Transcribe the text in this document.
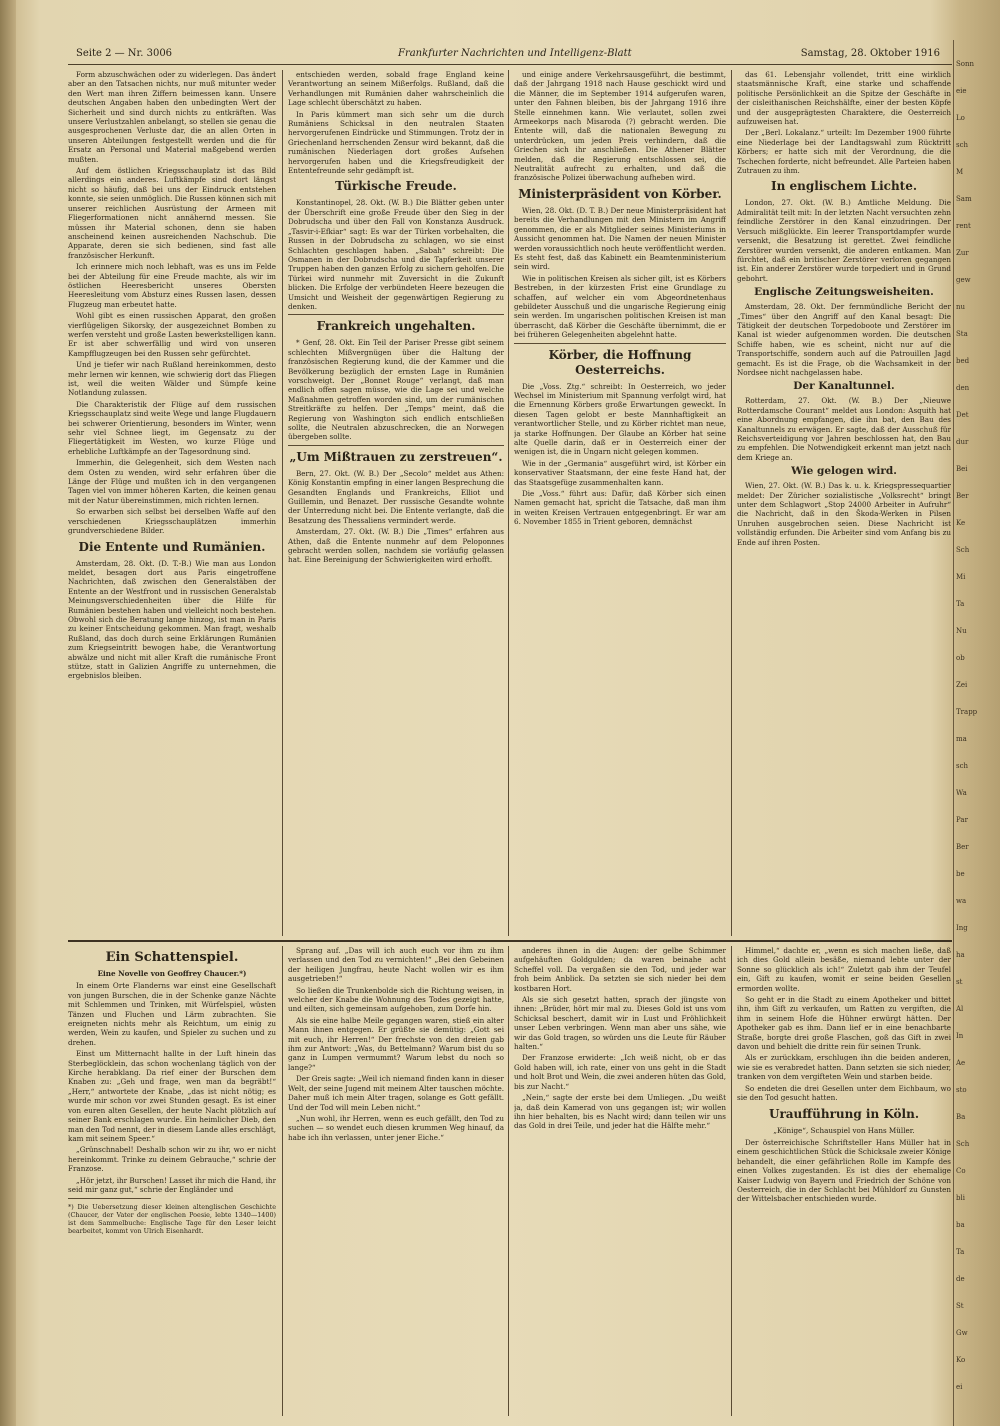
Seite 2 — Nr. 3006	Frankfurter Nachrichten und Intelligenz-Blatt	Samstag, 28. Oktober 1916

Form abzuschwächen oder zu widerlegen. Das ändert aber an den Tatsachen nichts, nur muß mitunter weder den Wert man ihren Ziffern beimessen kann. Unsere deutschen Angaben haben den unbedingten Wert der Sicherheit und sind durch nichts zu entkräften. Was unsere Verlustzahlen anbelangt, so stellen sie genau die ausgesprochenen Verluste dar, die an allen Orten in unseren Abteilungen festgestellt werden und die für Ersatz an Personal und Material maßgebend werden mußten.

Auf dem östlichen Kriegsschauplatz ist das Bild allerdings ein anderes. Luftkämpfe sind dort längst nicht so häufig, daß bei uns der Eindruck entstehen konnte, sie seien unmöglich. Die Russen können sich mit unserer reichlichen Ausrüstung der Armeen mit Fliegerformationen nicht annähernd messen. Sie müssen ihr Material schonen, denn sie haben anscheinend keinen ausreichenden Nachschub. Die Apparate, deren sie sich bedienen, sind fast alle französischer Herkunft.

Ich erinnere mich noch lebhaft, was es uns im Felde bei der Abteilung für eine Freude machte, als wir im östlichen Heeresbericht unseres Obersten Heeresleitung vom Absturz eines Russen lasen, dessen Flugzeug man erbeutet hatte.

Wohl gibt es einen russischen Apparat, den großen vierflügeligen Sikorsky, der ausgezeichnet Bomben zu werfen versteht und große Lasten bewerkstelligen kann. Er ist aber schwerfällig und wird von unseren Kampfflugzeugen bei den Russen sehr gefürchtet.

Und je tiefer wir nach Rußland hereinkommen, desto mehr lernen wir kennen, wie schwierig dort das Fliegen ist, weil die weiten Wälder und Sümpfe keine Notlandung zulassen.

Die Charakteristik der Flüge auf dem russischen Kriegsschauplatz sind weite Wege und lange Flugdauern bei schwerer Orientierung, besonders im Winter, wenn sehr viel Schnee liegt, im Gegensatz zu der Fliegertätigkeit im Westen, wo kurze Flüge und erhebliche Luftkämpfe an der Tagesordnung sind.

Immerhin, die Gelegenheit, sich dem Westen nach dem Osten zu wenden, wird sehr erfahren über die Länge der Flüge und mußten ich in den vergangenen Tagen viel von immer höheren Karten, die keinen genau mit der Natur übereinstimmen, mich richten lernen.

So erwarben sich selbst bei derselben Waffe auf den verschiedenen Kriegsschauplätzen immerhin grundverschiedene Bilder.

Die Entente und Rumänien.

Amsterdam, 28. Okt. (D. T.-B.) Wie man aus London meldet, besagen dort aus Paris eingetroffene Nachrichten, daß zwischen den Generalstäben der Entente an der Westfront und in russischen Generalstab Meinungsverschiedenheiten über die Hilfe für Rumänien bestehen haben und vielleicht noch bestehen. Obwohl sich die Beratung lange hinzog, ist man in Paris zu keiner Entscheidung gekommen. Man fragt, weshalb Rußland, das doch durch seine Erklärungen Rumänien zum Kriegseintritt bewogen habe, die Verantwortung abwälze und nicht mit aller Kraft die rumänische Front stütze, statt in Galizien Angriffe zu unternehmen, die ergebnislos bleiben.

entschieden werden, sobald frage England keine Verantwortung an seinem Mißerfolgs. Rußland, daß die Verhandlungen mit Rumänien daher wahrscheinlich die Lage schlecht überschätzt zu haben.

In Paris kümmert man sich sehr um die durch Rumäniens Schicksal in den neutralen Staaten hervorgerufenen Eindrücke und Stimmungen. Trotz der in Griechenland herrschenden Zensur wird bekannt, daß die rumänischen Niederlagen dort großes Aufsehen hervorgerufen haben und die Kriegsfreudigkeit der Ententefreunde sehr gedämpft ist.

Türkische Freude.

Konstantinopel, 28. Okt. (W. B.) Die Blätter geben unter der Überschrift eine große Freude über den Sieg in der Dobrudscha und über den Fall von Konstanza Ausdruck. „Tasvir-i-Efkiar“ sagt: Es war der Türken vorbehalten, die Russen in der Dobrudscha zu schlagen, wo sie einst Schlachten geschlagen haben. „Sabah“ schreibt: Die Osmanen in der Dobrudscha und die Tapferkeit unserer Truppen haben den ganzen Erfolg zu sichern geholfen. Die Türkei wird nunmehr mit Zuversicht in die Zukunft blicken. Die Erfolge der verbündeten Heere bezeugen die Umsicht und Weisheit der gegenwärtigen Regierung zu denken.

Frankreich ungehalten.

* Genf, 28. Okt. Ein Teil der Pariser Presse gibt seinem schlechten Mißvergnügen über die Haltung der französischen Regierung kund, die der Kammer und die Bevölkerung bezüglich der ernsten Lage in Rumänien vorschweigt. Der „Bonnet Rouge“ verlangt, daß man endlich offen sagen müsse, wie die Lage sei und welche Maßnahmen getroffen worden sind, um der rumänischen Streitkräfte zu helfen. Der „Temps“ meint, daß die Regierung von Washington sich endlich entschließen sollte, die Neutralen abzuschrecken, die an Norwegen übergeben sollte.

„Um Mißtrauen zu zerstreuen“.

Bern, 27. Okt. (W. B.) Der „Secolo“ meldet aus Athen: König Konstantin empfing in einer langen Besprechung die Gesandten Englands und Frankreichs, Elliot und Guillemin, und Benazet. Der russische Gesandte wohnte der Unterredung nicht bei. Die Entente verlangte, daß die Besatzung des Thessaliens vermindert werde.

Amsterdam, 27. Okt. (W. B.) Die „Times“ erfahren aus Athen, daß die Entente nunmehr auf dem Peloponnes gebracht werden sollen, nachdem sie vorläufig gelassen hat. Eine Bereinigung der Schwierigkeiten wird erhofft.

und einige andere Verkehrsausgeführt, die bestimmt, daß der Jahrgang 1918 nach Hause geschickt wird und die Männer, die im September 1914 aufgerufen waren, unter den Fahnen bleiben, bis der Jahrgang 1916 ihre Stelle einnehmen kann. Wie verlautet, sollen zwei Armeekorps nach Misaroda (?) gebracht werden. Die Entente will, daß die nationalen Bewegung zu unterdrücken, um jeden Preis verhindern, daß die Griechen sich ihr anschließen. Die Athener Blätter melden, daß die Regierung entschlossen sei, die Neutralität aufrecht zu erhalten, und daß die französische Polizei überwachung aufheben wird.

Ministerpräsident von Körber.

Wien, 28. Okt. (D. T. B.) Der neue Ministerpräsident hat bereits die Verhandlungen mit den Ministern im Angriff genommen, die er als Mitglieder seines Ministeriums in Aussicht genommen hat. Die Namen der neuen Minister werden voraussichtlich noch heute veröffentlicht werden. Es steht fest, daß das Kabinett ein Beamtenministerium sein wird.

Wie in politischen Kreisen als sicher gilt, ist es Körbers Bestreben, in der kürzesten Frist eine Grundlage zu schaffen, auf welcher ein vom Abgeordnetenhaus gebildeter Ausschuß und die ungarische Regierung einig sein werden. Im ungarischen politischen Kreisen ist man überrascht, daß Körber die Geschäfte übernimmt, die er bei früheren Gelegenheiten abgelehnt hatte.

Körber, die Hoffnung Oesterreichs.

Die „Voss. Ztg.“ schreibt: In Oesterreich, wo jeder Wechsel im Ministerium mit Spannung verfolgt wird, hat die Ernennung Körbers große Erwartungen geweckt. In diesen Tagen gelobt er beste Mannhaftigkeit an verantwortlicher Stelle, und zu Körber richtet man neue, ja starke Hoffnungen. Der Glaube an Körber hat seine alte Quelle darin, daß er in Oesterreich einer der wenigen ist, die in Ungarn nicht gelegen kommen.

Wie in der „Germania“ ausgeführt wird, ist Körber ein konservativer Staatsmann, der eine feste Hand hat, der das Staatsgefüge zusammenhalten kann.

Die „Voss.“ führt aus: Dafür, daß Körber sich einen Namen gemacht hat, spricht die Tatsache, daß man ihm in weiten Kreisen Vertrauen entgegenbringt. Er war am 6. November 1855 in Trient geboren, demnächst

das 61. Lebensjahr vollendet, tritt eine wirklich staatsmännische Kraft, eine starke und schaffende politische Persönlichkeit an die Spitze der Geschäfte in der cisleithanischen Reichshälfte, einer der besten Köpfe und der ausgeprägtesten Charaktere, die Oesterreich aufzuweisen hat.

Der „Berl. Lokalanz.“ urteilt: Im Dezember 1900 führte eine Niederlage bei der Landtagswahl zum Rücktritt Körbers; er hatte sich mit der Verordnung, die die Tschechen forderte, nicht befreundet. Alle Parteien haben Zutrauen zu ihm.

In englischem Lichte.

London, 27. Okt. (W. B.) Amtliche Meldung. Die Admiralität teilt mit: In der letzten Nacht versuchten zehn feindliche Zerstörer in den Kanal einzudringen. Der Versuch mißglückte. Ein leerer Transportdampfer wurde versenkt, die Besatzung ist gerettet. Zwei feindliche Zerstörer wurden versenkt, die anderen entkamen. Man fürchtet, daß ein britischer Zerstörer verloren gegangen ist. Ein anderer Zerstörer wurde torpediert und in Grund gebohrt.

Englische Zeitungsweisheiten.

Amsterdam, 28. Okt. Der fernmündliche Bericht der „Times“ über den Angriff auf den Kanal besagt: Die Tätigkeit der deutschen Torpedoboote und Zerstörer im Kanal ist wieder aufgenommen worden. Die deutschen Schiffe haben, wie es scheint, nicht nur auf die Transportschiffe, sondern auch auf die Patrouillen Jagd gemacht. Es ist die Frage, ob die Wachsamkeit in der Nordsee nicht nachgelassen habe.

Der Kanaltunnel.

Rotterdam, 27. Okt. (W. B.) Der „Nieuwe Rotterdamsche Courant“ meldet aus London: Asquith hat eine Abordnung empfangen, die ihn bat, den Bau des Kanaltunnels zu erwägen. Er sagte, daß der Ausschuß für Reichsverteidigung vor Jahren beschlossen hat, den Bau zu empfehlen. Die Notwendigkeit erkennt man jetzt nach dem Kriege an.

Wie gelogen wird.

Wien, 27. Okt. (W. B.) Das k. u. k. Kriegspressequartier meldet: Der Züricher sozialistische „Volksrecht“ bringt unter dem Schlagwort „Stop 24000 Arbeiter in Aufruhr“ die Nachricht, daß in den Škoda-Werken in Pilsen Unruhen ausgebrochen seien. Diese Nachricht ist vollständig erfunden. Die Arbeiter sind vom Anfang bis zu Ende auf ihren Posten.

Ein Schattenspiel.
Eine Novelle von Geoffrey Chaucer.*)

In einem Orte Flanderns war einst eine Gesellschaft von jungen Burschen, die in der Schenke ganze Nächte mit Schlemmen und Trinken, mit Würfelspiel, wüsten Tänzen und Fluchen und Lärm zubrachten. Sie ereigneten nichts mehr als Reichtum, um einig zu werden, Wein zu kaufen, und Spieler zu suchen und zu drehen.

Einst um Mitternacht hallte in der Luft hinein das Sterbeglöcklein, das schon wochenlang täglich von der Kirche herabklang. Da rief einer der Burschen dem Knaben zu: „Geh und frage, wen man da begräbt!“ „Herr,“ antwortete der Knabe, „das ist nicht nötig; es wurde mir schon vor zwei Stunden gesagt. Es ist einer von euren alten Gesellen, der heute Nacht plötzlich auf seiner Bank erschlagen wurde. Ein heimlicher Dieb, den man den Tod nennt, der in diesem Lande alles erschlägt, kam mit seinem Speer.“

„Grünschnabel! Deshalb schon wir zu ihr, wo er nicht hereinkommt. Trinke zu deinem Gebrauche,“ schrie der Franzose.

„Hör jetzt, ihr Burschen! Lasset ihr mich die Hand, ihr seid mir ganz gut,“ schrie der Engländer und

*) Die Uebersetzung dieser kleinen altenglischen Geschichte (Chaucer, der Vater der englischen Poesie, lebte 1340—1400) ist dem Sammelbuche: Englische Tage für den Leser leicht bearbeitet, kommt von Ulrich Eisenhardt.

Sprang auf. „Das will ich auch euch vor ihm zu ihm verlassen und den Tod zu vernichten!“ „Bei den Gebeinen der heiligen Jungfrau, heute Nacht wollen wir es ihm ausgetrieben!“

So ließen die Trunkenbolde sich die Richtung weisen, in welcher der Knabe die Wohnung des Todes gezeigt hatte, und eilten, sich gemeinsam aufgehoben, zum Dorfe hin.

Als sie eine halbe Meile gegangen waren, stieß ein alter Mann ihnen entgegen. Er grüßte sie demütig: „Gott sei mit euch, ihr Herren!“ Der frechste von den dreien gab ihm zur Antwort: „Was, du Bettelmann? Warum bist du so ganz in Lumpen vermummt? Warum lebst du noch so lange?“

Der Greis sagte: „Weil ich niemand finden kann in dieser Welt, der seine Jugend mit meinem Alter tauschen möchte. Daher muß ich mein Alter tragen, solange es Gott gefällt. Und der Tod will mein Leben nicht.“

„Nun wohl, ihr Herren, wenn es euch gefällt, den Tod zu suchen — so wendet euch diesen krummen Weg hinauf, da habe ich ihn verlassen, unter jener Eiche.“

anderes ihnen in die Augen: der gelbe Schimmer aufgehäuften Goldgulden; da waren beinahe acht Scheffel voll. Da vergaßen sie den Tod, und jeder war froh beim Anblick. Da setzten sie sich nieder bei dem kostbaren Hort.

Als sie sich gesetzt hatten, sprach der jüngste von ihnen: „Brüder, hört mir mal zu. Dieses Gold ist uns vom Schicksal beschert, damit wir in Lust und Fröhlichkeit unser Leben verbringen. Wenn man aber uns sähe, wie wir das Gold tragen, so würden uns die Leute für Räuber halten.“

Der Franzose erwiderte: „Ich weiß nicht, ob er das Gold haben will, ich rate, einer von uns geht in die Stadt und holt Brot und Wein, die zwei anderen hüten das Gold, bis zur Nacht.“

„Nein,“ sagte der erste bei dem Umliegen. „Du weißt ja, daß dein Kamerad von uns gegangen ist; wir wollen ihn hier behalten, bis es Nacht wird; dann teilen wir uns das Gold in drei Teile, und jeder hat die Hälfte mehr.“

Himmel,“ dachte er, „wenn es sich machen ließe, daß ich dies Gold allein besäße, niemand lebte unter der Sonne so glücklich als ich!“ Zuletzt gab ihm der Teufel ein, Gift zu kaufen, womit er seine beiden Gesellen ermorden wollte.

So geht er in die Stadt zu einem Apotheker und bittet ihn, ihm Gift zu verkaufen, um Ratten zu vergiften, die ihm in seinem Hofe die Hühner erwürgt hätten. Der Apotheker gab es ihm. Dann lief er in eine benachbarte Straße, borgte drei große Flaschen, goß das Gift in zwei davon und behielt die dritte rein für seinen Trunk.

Als er zurückkam, erschlugen ihn die beiden anderen, wie sie es verabredet hatten. Dann setzten sie sich nieder, tranken von dem vergifteten Wein und starben beide.

So endeten die drei Gesellen unter dem Eichbaum, wo sie den Tod gesucht hatten.

Uraufführung in Köln.
„Könige“, Schauspiel von Hans Müller.

Der österreichische Schriftsteller Hans Müller hat in einem geschichtlichen Stück die Schicksale zweier Könige behandelt, die einer gefährlichen Rolle im Kampfe des einen Volkes zugestanden. Es ist dies der ehemalige Kaiser Ludwig von Bayern und Friedrich der Schöne von Oesterreich, die in der Schlacht bei Mühldorf zu Gunsten der Wittelsbacher entschieden wurde.

Sonn
eie
Lo
sch
M
Sam
rent
Zur
gew
nu
Sta
bed
den
Det
dur
Bei
Ber
Ke
Sch
Mi
Ta
Nu
ob
Zei
Trapp
ma
sch
Wa
Par
Ber
be
wa
Ing
ha
st
Al
In
Ae
sto
Ba
Sch
Co
bli
ba
Ta
de
St
Gw
Ko
ei
